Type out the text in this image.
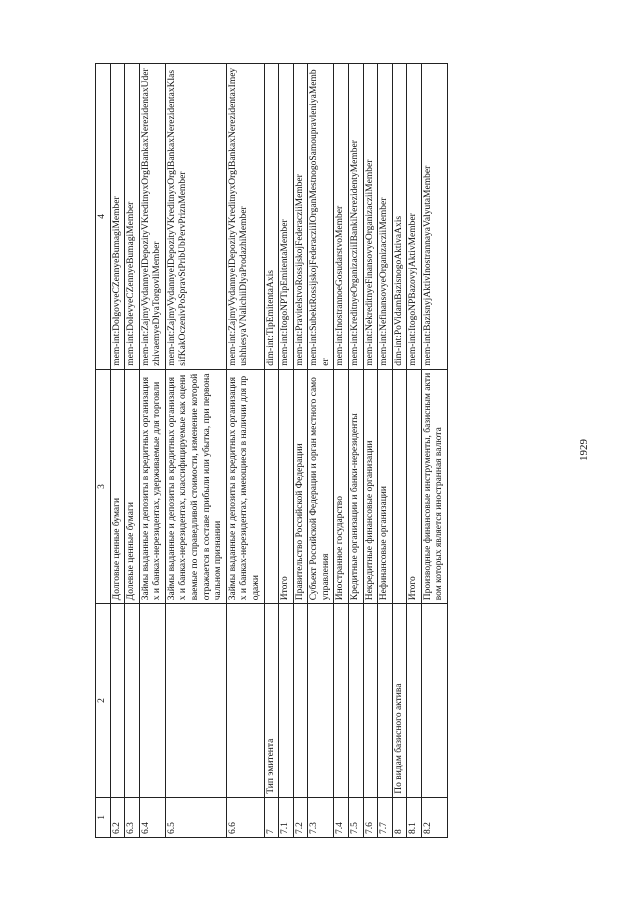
1929
1	2	3	4
6.2		Долговые ценные бумаги	mem-int:DolgovyeCZennyeBumagiMember
6.3		Долевые ценные бумаги	mem-int:DolevyeCZennyeBumagiMember
6.4		Займы выданные и депозиты в кредитных организациях и банках-нерезидентах, удерживаемые для торговли	mem-int:ZajmyVydannyeIDepozityVKreditnyxOrgIBankaxNerezidentaxUderzhivaemyeDlyaTorgovliMember
6.5		Займы выданные и депозиты в кредитных организациях и банках-нерезидентах, классифицируемые как оцениваемые по справедливой стоимости, изменение которой отражается в составе прибыли или убытка, при первоначальном признании	mem-int:ZajmyVydannyeIDepozityVKreditnyxOrgIBankaxNerezidentaxKlassifKakOczenivPoSpravStPribUbPervPriznMember
6.6		Займы выданные и депозиты в кредитных организациях и банках-нерезидентах, имеющиеся в наличии для продажи	mem-int:ZajmyVydannyeIDepozityVKreditnyxOrgIBankaxNerezidentaxImeyushhiesyaVNalichiiDlyaProdazhiMember
7	Тип эмитента		dim-int:TipEmitentaAxis
7.1		Итого	mem-int:ItogoNPTipEmitentaMember
7.2		Правительство Российской Федерации	mem-int:PravitelstvoRossijskojFederacziiMember
7.3		Субъект Российской Федерации и орган местного самоуправления	mem-int:SubektRossijskojFederacziiIOrganMestnogoSamoupravleniyaMember
7.4		Иностранное государство	mem-int:InostrannoeGosudarstvoMember
7.5		Кредитные организации и банки-нерезиденты	mem-int:KreditnyeOrganizacziiIBankiNerezidentyMember
7.6		Некредитные финансовые организации	mem-int:NekreditnyeFinansovyeOrganizacziiMember
7.7		Нефинансовые организации	mem-int:NefinansovyeOrganizacziiMember
8	По видам базисного актива		dim-int:PoVidamBazisnogoAktivaAxis
8.1		Итого	mem-int:ItogoNPBazovyjAktivMember
8.2		Производные финансовые инструменты, базисным активом которых является иностранная валюта	mem-int:BazisnyjAktivInostrannayaValyutaMember
